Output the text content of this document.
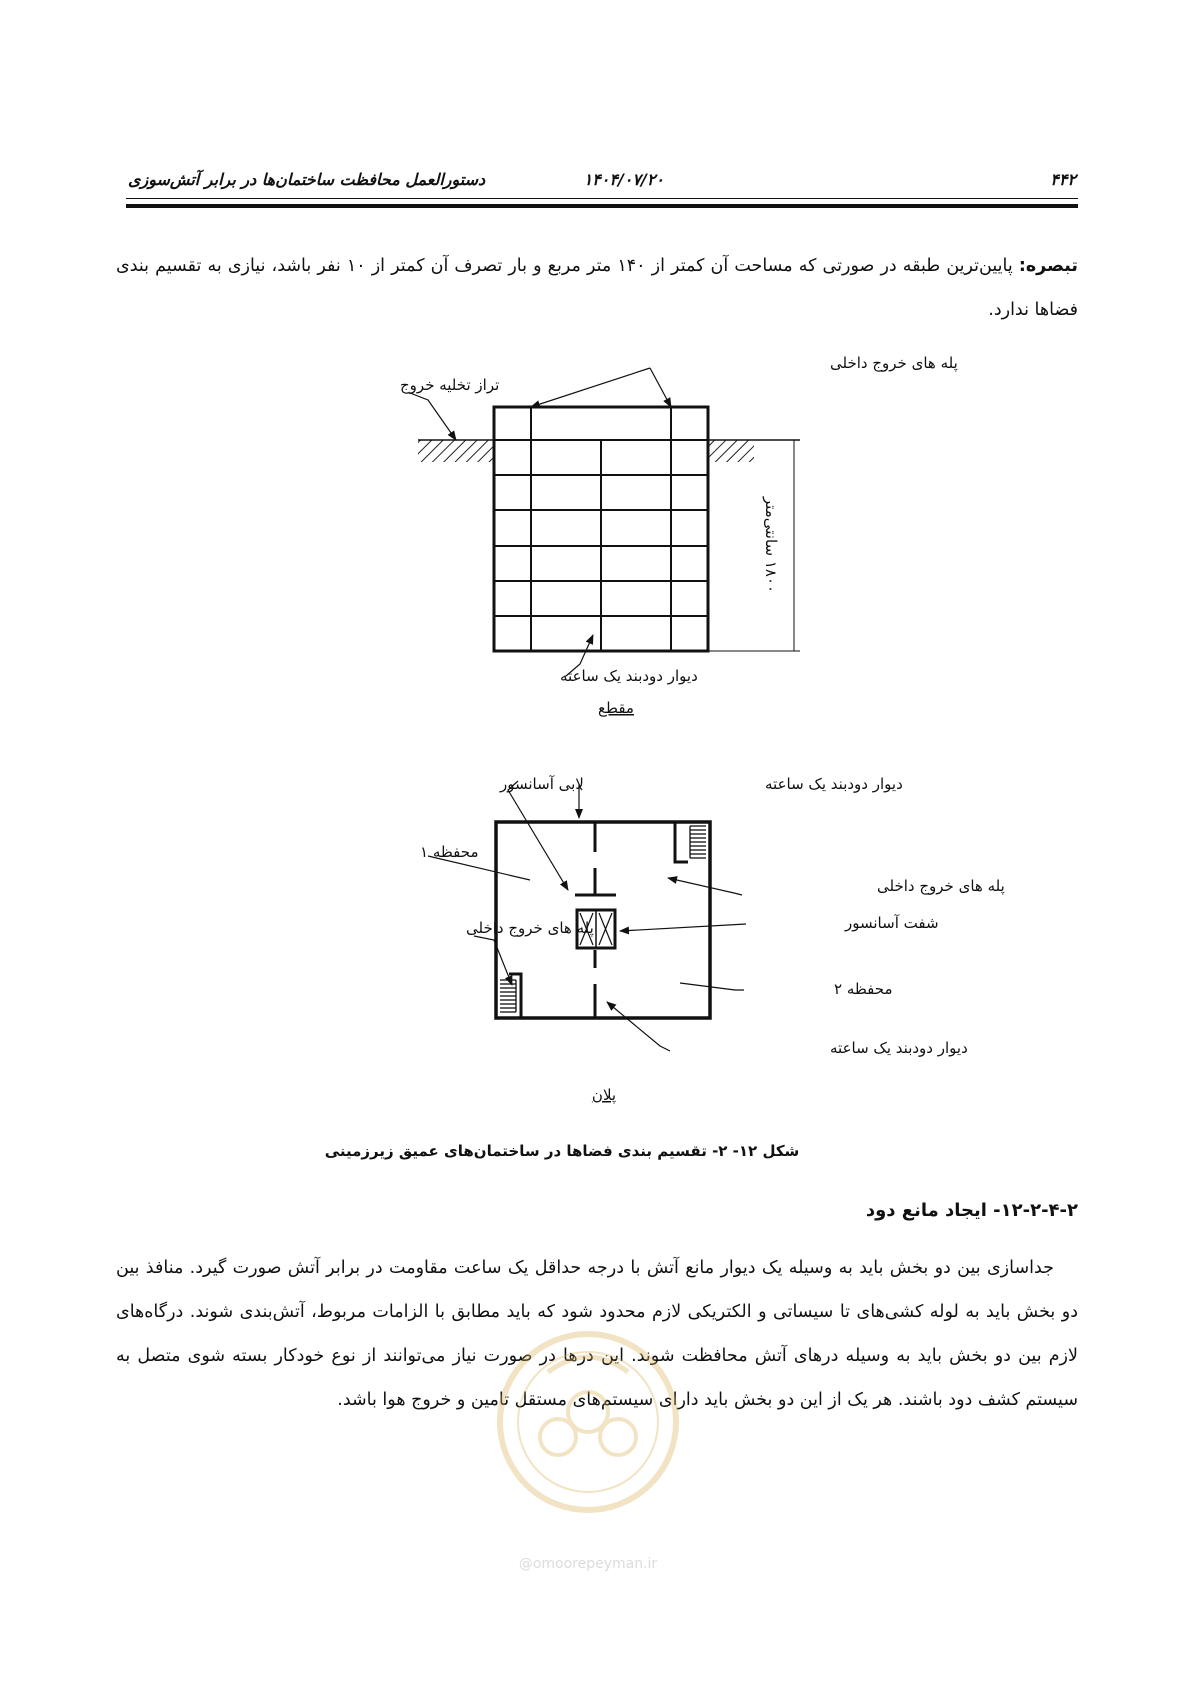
۴۴۲
۱۴۰۴/۰۷/۲۰
دستورالعمل محافظت ساختمان‌ها در برابر آتش‌سوزی
تبصره: پایین‌ترین طبقه در صورتی که مساحت آن کمتر از ۱۴۰ متر مربع و بار تصرف آن کمتر از ۱۰ نفر باشد، نیازی به تقسیم بندی فضاها ندارد.
۱۸۰۰ سانتی‌متر
پله های خروج داخلی
تراز تخلیه خروج
دیوار دودبند یک ساعته
مقطع
لابی آسانسور	دیوار دودبند یک ساعته
محفظه ۱
پله های خروج داخلی
پله های خروج داخلی	شفت آسانسور
محفظه ۲
دیوار دودبند یک ساعته
پلان
شکل ۱۲- ۲- تقسیم بندی فضاها در ساختمان‌های عمیق زیرزمینی
۱۲-۲-۴-۲- ایجاد مانع دود
جداسازی بین دو بخش باید به وسیله یک دیوار مانع آتش با درجه حداقل یک ساعت مقاومت در برابر آتش صورت گیرد. منافذ بین دو بخش باید به لوله کشی‌های تا سیساتی و الکتریکی لازم محدود شود که باید مطابق با الزامات مربوط، آتش‌بندی شوند. درگاه‌های لازم بین دو بخش باید به وسیله درهای آتش محافظت شوند. این درها در صورت نیاز می‌توانند از نوع خودکار بسته شوی متصل به سیستم کشف دود باشند. هر یک از این دو بخش باید دارای سیستم‌های مستقل تامین و خروج هوا باشد.
@omoorepeyman.ir
